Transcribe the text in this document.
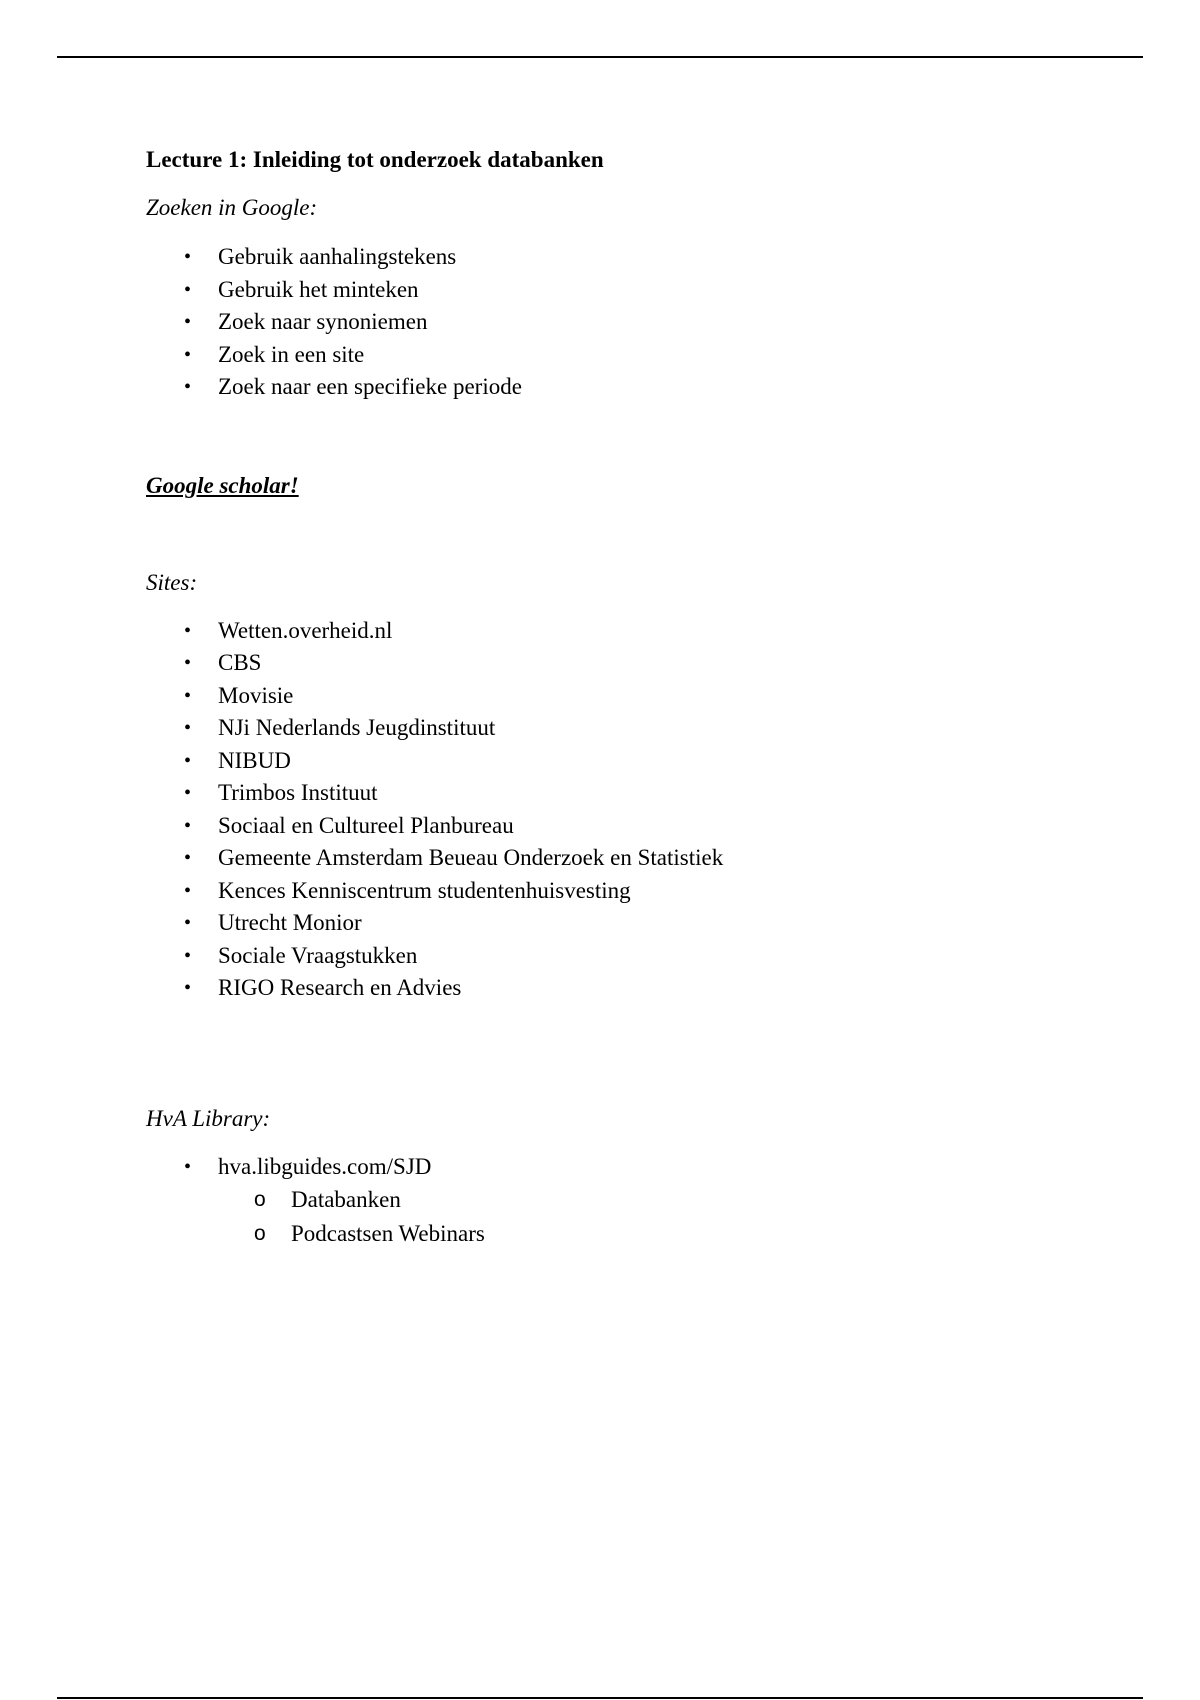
Lecture 1: Inleiding tot onderzoek databanken

Zoeken in Google:

• Gebruik aanhalingstekens
• Gebruik het minteken
• Zoek naar synoniemen
• Zoek in een site
• Zoek naar een specifieke periode

Google scholar!

Sites:

• Wetten.overheid.nl
• CBS
• Movisie
• NJi Nederlands Jeugdinstituut
• NIBUD
• Trimbos Instituut
• Sociaal en Cultureel Planbureau
• Gemeente Amsterdam Beueau Onderzoek en Statistiek
• Kences Kenniscentrum studentenhuisvesting
• Utrecht Monior
• Sociale Vraagstukken
• RIGO Research en Advies

HvA Library:

• hva.libguides.com/SJD
o Databanken
o Podcastsen Webinars
